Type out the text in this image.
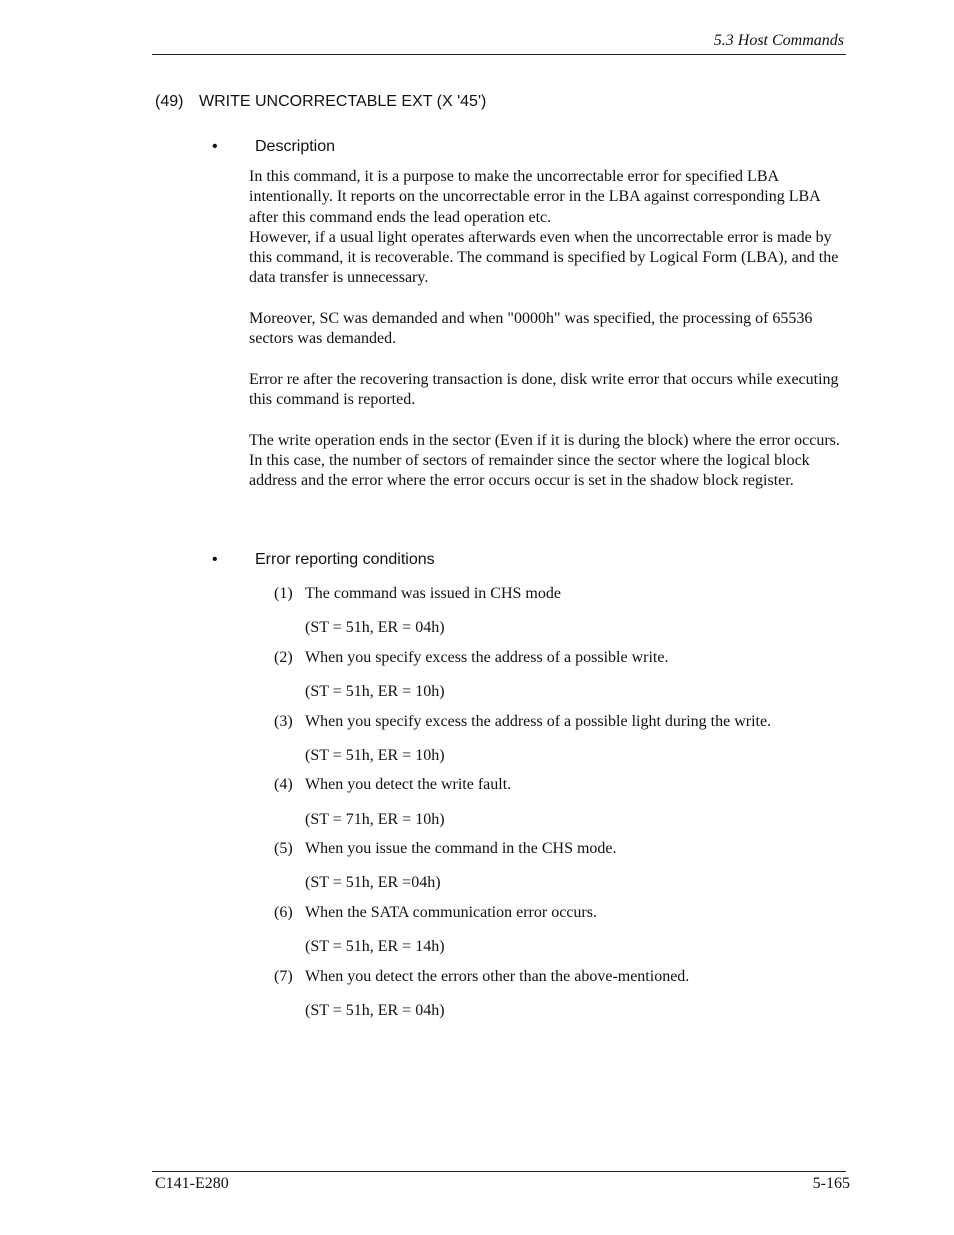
5.3 Host Commands
(49) WRITE UNCORRECTABLE EXT (X '45')
• Description

In this command, it is a purpose to make the uncorrectable error for specified LBA intentionally. It reports on the uncorrectable error in the LBA against corresponding LBA after this command ends the lead operation etc.

However, if a usual light operates afterwards even when the uncorrectable error is made by this command, it is recoverable. The command is specified by Logical Form (LBA), and the data transfer is unnecessary.

Moreover, SC was demanded and when "0000h" was specified, the processing of 65536 sectors was demanded.

Error re after the recovering transaction is done, disk write error that occurs while executing this command is reported.

The write operation ends in the sector (Even if it is during the block) where the error occurs. In this case, the number of sectors of remainder since the sector where the logical block address and the error where the error occurs occur is set in the shadow block register.

• Error reporting conditions
(1) The command was issued in CHS mode
(ST = 51h, ER = 04h)
(2) When you specify excess the address of a possible write.
(ST = 51h, ER = 10h)
(3) When you specify excess the address of a possible light during the write.
(ST = 51h, ER = 10h)
(4) When you detect the write fault.
(ST = 71h, ER = 10h)
(5) When you issue the command in the CHS mode.
(ST = 51h, ER =04h)
(6) When the SATA communication error occurs.
(ST = 51h, ER = 14h)
(7) When you detect the errors other than the above-mentioned.
(ST = 51h, ER = 04h)
C141-E280	5-165
